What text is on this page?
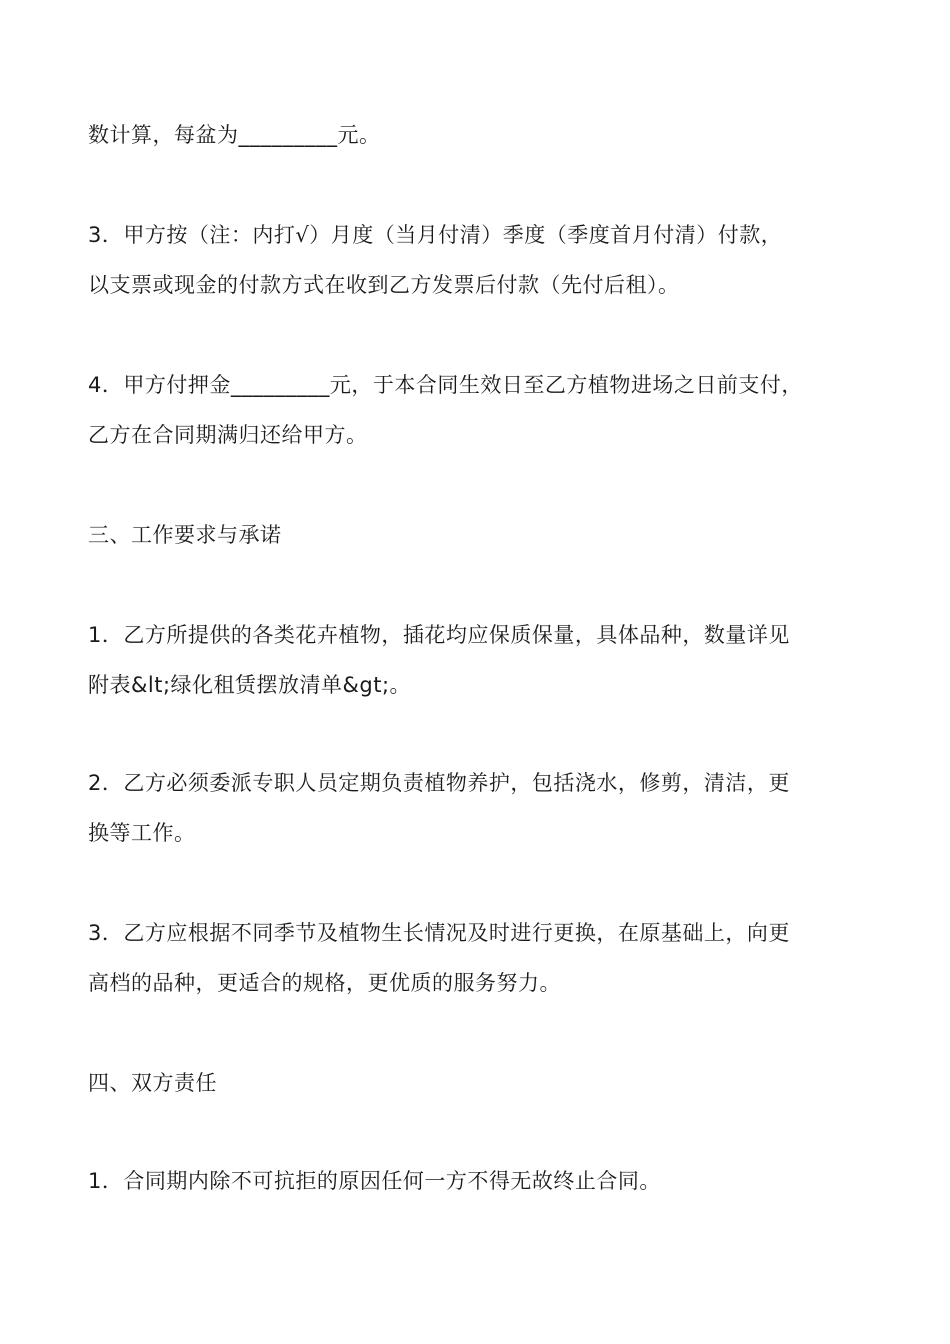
数计算，每盆为_________元。
3．甲方按（注：内打√）月度（当月付清）季度（季度首月付清）付款，
以支票或现金的付款方式在收到乙方发票后付款（先付后租）。
4．甲方付押金_________元，于本合同生效日至乙方植物进场之日前支付，
乙方在合同期满归还给甲方。
三、工作要求与承诺
1．乙方所提供的各类花卉植物，插花均应保质保量，具体品种，数量详见
附表&lt;绿化租赁摆放清单&gt;。
2．乙方必须委派专职人员定期负责植物养护，包括浇水，修剪，清洁，更
换等工作。
3．乙方应根据不同季节及植物生长情况及时进行更换，在原基础上，向更
高档的品种，更适合的规格，更优质的服务努力。
四、双方责任
1．合同期内除不可抗拒的原因任何一方不得无故终止合同。
